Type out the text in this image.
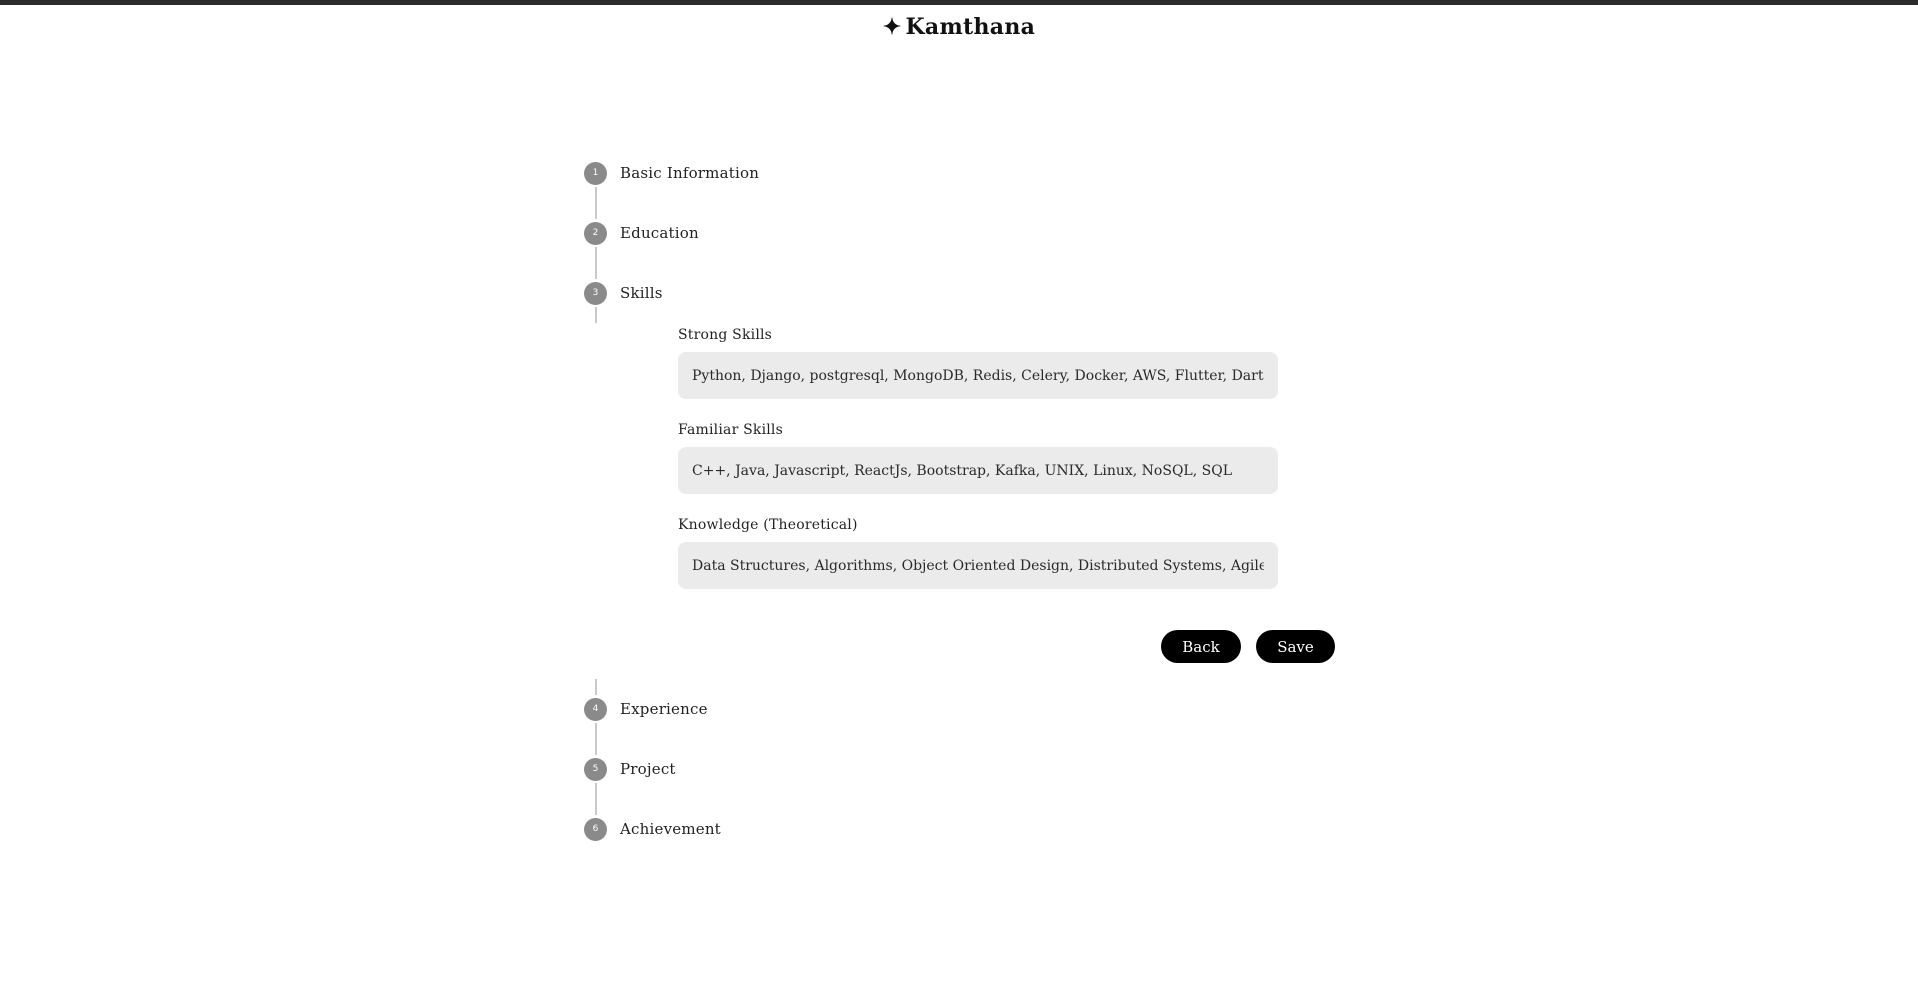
✦ Kamthana
1	Basic Information
2	Education
3	Skills
Strong Skills
Python, Django, postgresql, MongoDB, Redis, Celery, Docker, AWS, Flutter, Dart
Familiar Skills
C++, Java, Javascript, ReactJs, Bootstrap, Kafka, UNIX, Linux, NoSQL, SQL
Knowledge (Theoretical)
Data Structures, Algorithms, Object Oriented Design, Distributed Systems, Agile m
Back	Save
4	Experience
5	Project
6	Achievement
